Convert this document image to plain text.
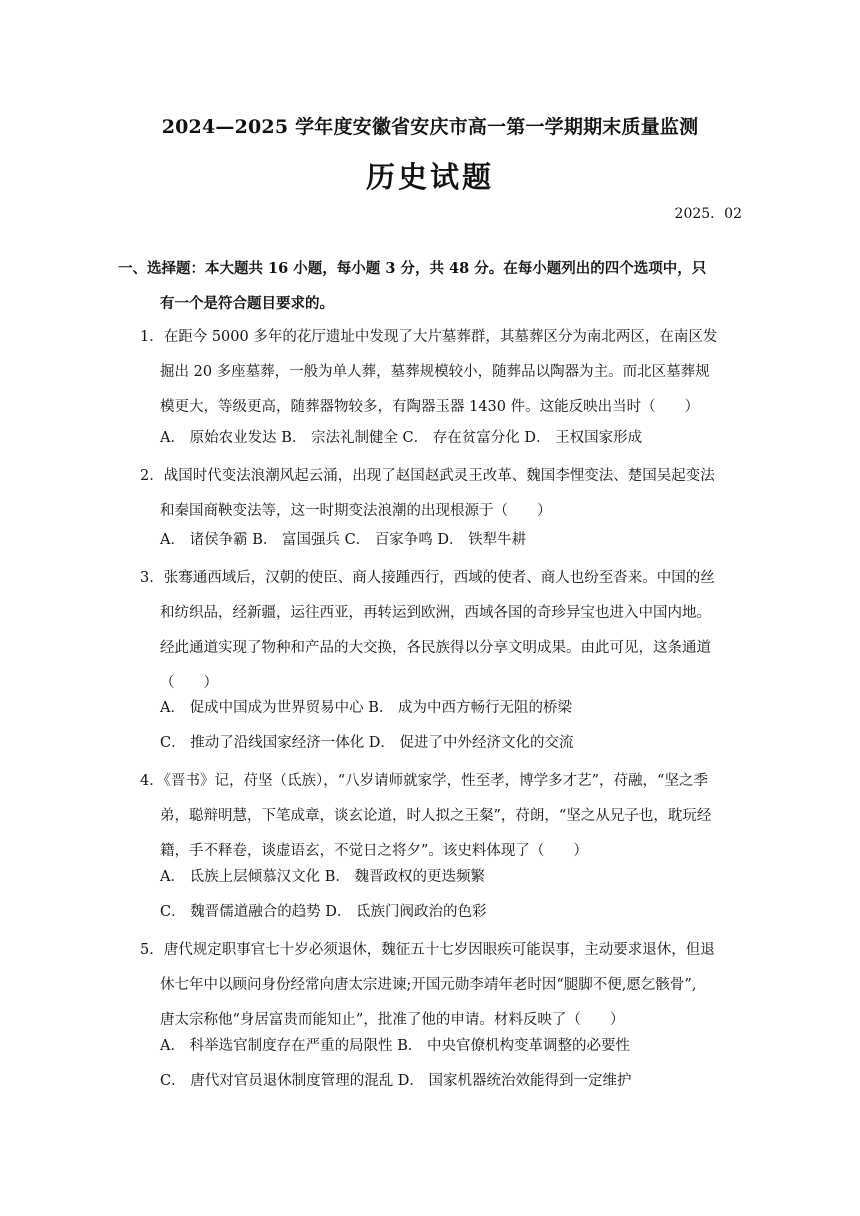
2024—2025 学年度安徽省安庆市高一第一学期期末质量监测
历史试题
2025．02
一、选择题：本大题共 16 小题，每小题 3 分，共 48 分。在每小题列出的四个选项中，只
有一个是符合题目要求的。
1．在距今 5000 多年的花厅遗址中发现了大片墓葬群，其墓葬区分为南北两区，在南区发
掘出 20 多座墓葬，一般为单人葬，墓葬规模较小，随葬品以陶器为主。而北区墓葬规
模更大，等级更高，随葬器物较多，有陶器玉器 1430 件。这能反映出当时（　　）
A． 原始农业发达 B． 宗法礼制健全 C． 存在贫富分化 D． 王权国家形成
2．战国时代变法浪潮风起云涌，出现了赵国赵武灵王改革、魏国李悝变法、楚国吴起变法
和秦国商鞅变法等，这一时期变法浪潮的出现根源于（　　）
A． 诸侯争霸 B． 富国强兵 C． 百家争鸣 D． 铁犁牛耕
3．张骞通西域后，汉朝的使臣、商人接踵西行，西域的使者、商人也纷至沓来。中国的丝
和纺织品，经新疆，运往西亚，再转运到欧洲，西域各国的奇珍异宝也进入中国内地。
经此通道实现了物种和产品的大交换，各民族得以分享文明成果。由此可见，这条通道
（　　）
A． 促成中国成为世界贸易中心 B． 成为中西方畅行无阻的桥梁
C． 推动了沿线国家经济一体化 D． 促进了中外经济文化的交流
4．《晋书》记，苻坚（氐族），“八岁请师就家学，性至孝，博学多才艺”，苻融，“坚之季
弟，聪辩明慧，下笔成章，谈玄论道，时人拟之王粲”，苻朗，“坚之从兄子也，耽玩经
籍，手不释卷，谈虚语玄，不觉日之将夕”。该史料体现了（　　）
A． 氐族上层倾慕汉文化 B． 魏晋政权的更迭频繁
C． 魏晋儒道融合的趋势 D． 氐族门阀政治的色彩
5．唐代规定职事官七十岁必须退休，魏征五十七岁因眼疾可能误事，主动要求退休，但退
休七年中以顾问身份经常向唐太宗进谏;开国元勋李靖年老时因“腿脚不便,愿乞骸骨”,
唐太宗称他“身居富贵而能知止”，批准了他的申请。材料反映了（　　）
A． 科举选官制度存在严重的局限性 B． 中央官僚机构变革调整的必要性
C． 唐代对官员退休制度管理的混乱 D． 国家机器统治效能得到一定维护
